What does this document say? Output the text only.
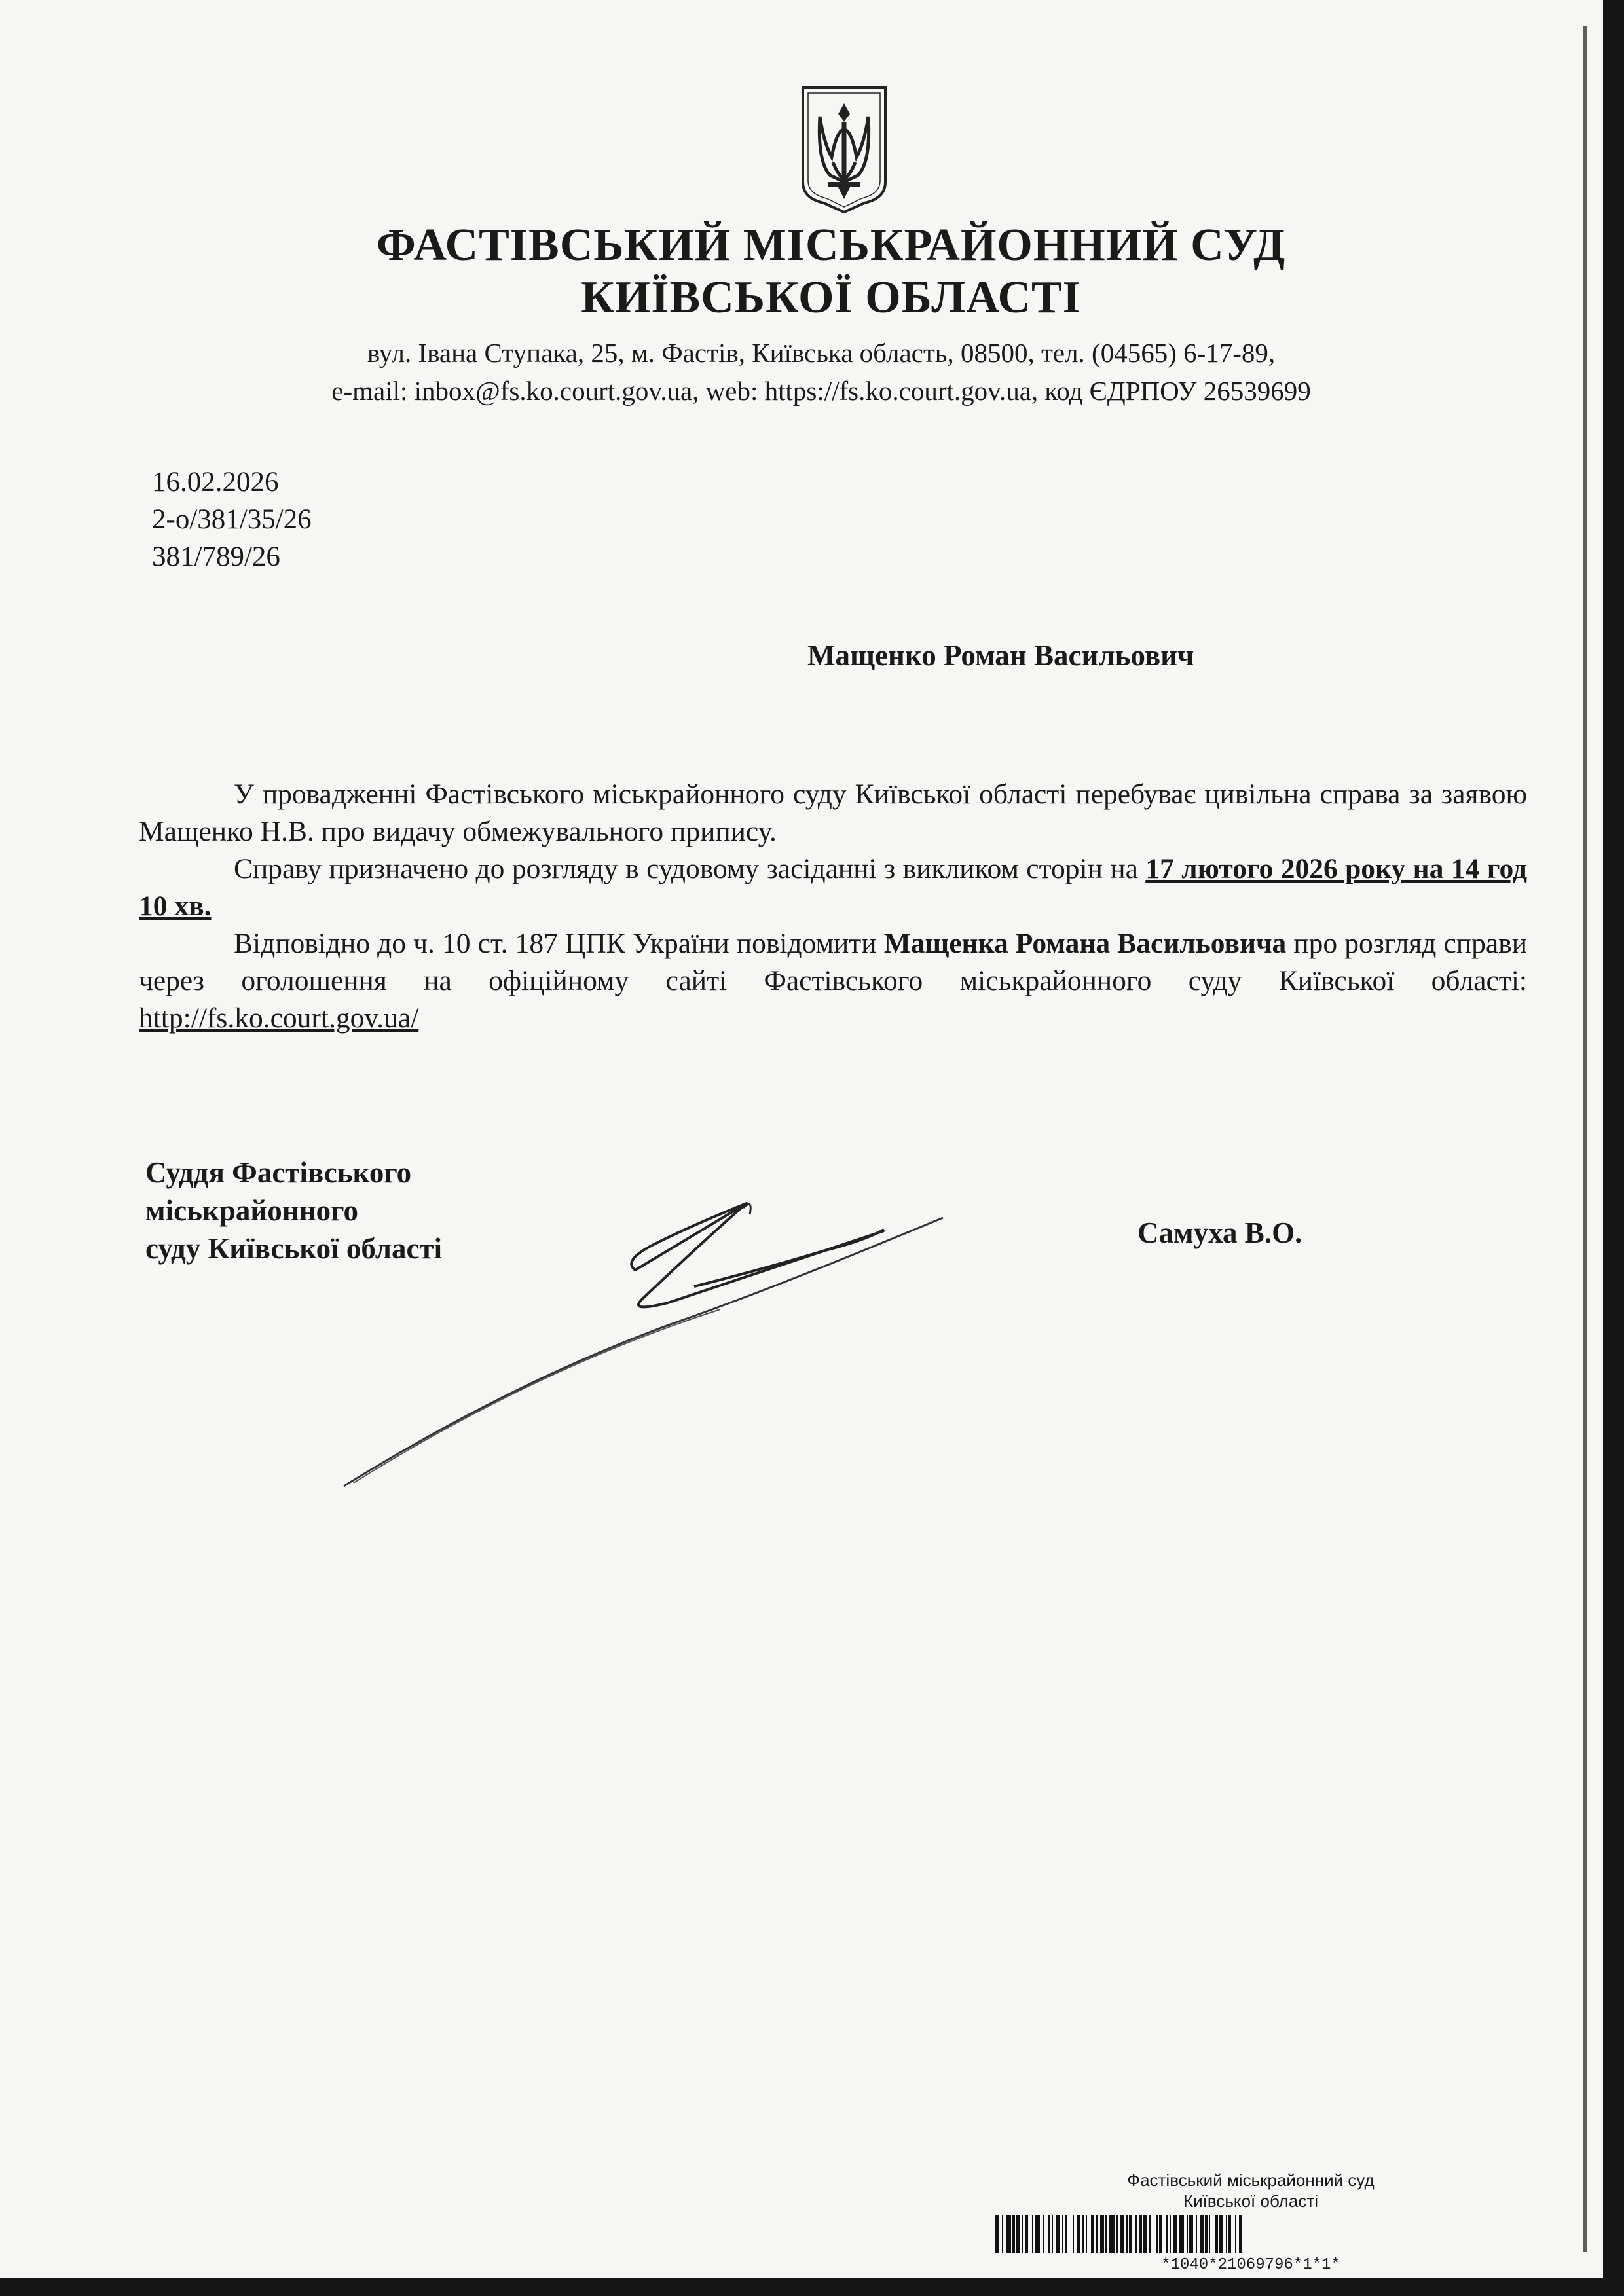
ФАСТІВСЬКИЙ МІСЬКРАЙОННИЙ СУД
КИЇВСЬКОЇ ОБЛАСТІ
вул. Івана Ступака, 25, м. Фастів, Київська область, 08500, тел. (04565) 6-17-89,
e-mail: inbox@fs.ko.court.gov.ua, web: https://fs.ko.court.gov.ua, код ЄДРПОУ 26539699
16.02.2026
2-о/381/35/26
381/789/26
Мащенко Роман Васильович

У провадженні Фастівського міськрайонного суду Київської області перебуває цивільна справа за заявою Мащенко Н.В. про видачу обмежувального припису.

Справу призначено до розгляду в судовому засіданні з викликом сторін на 17 лютого 2026 року на 14 год 10 хв.

Відповідно до ч. 10 ст. 187 ЦПК України повідомити Мащенка Романа Васильовича про розгляд справи через оголошення на офіційному сайті Фастівського міськрайонного суду Київської області: http://fs.ko.court.gov.ua/

Суддя Фастівського
міськрайонного
суду Київської області	Самуха В.О.
Фастівський міськрайонний суд
Київської області
*1040*21069796*1*1*
